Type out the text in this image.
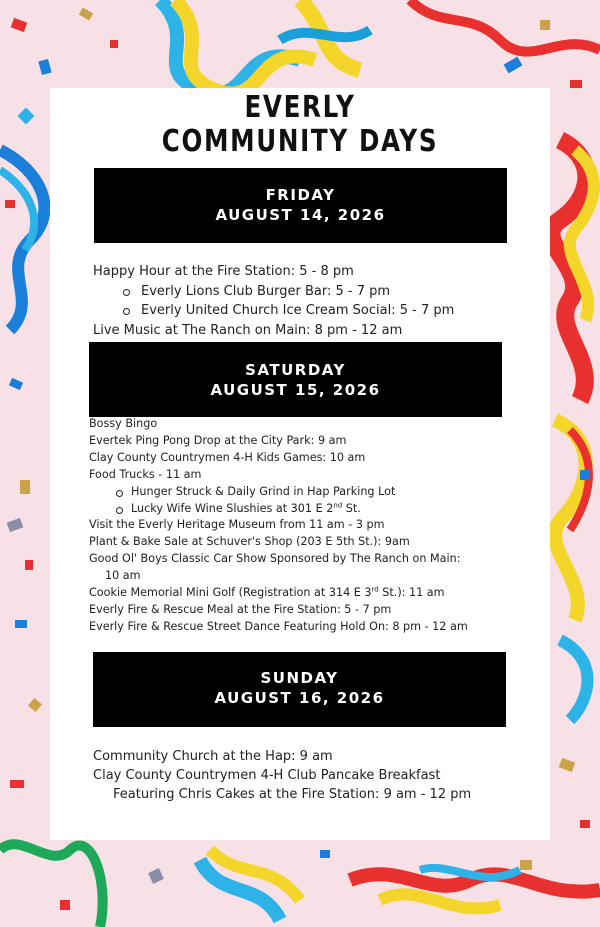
EVERLY
COMMUNITY DAYS
FRIDAY
AUGUST 14, 2026
Happy Hour at the Fire Station: 5 - 8 pm
Everly Lions Club Burger Bar: 5 - 7 pm
Everly United Church Ice Cream Social: 5 - 7 pm
Live Music at The Ranch on Main: 8 pm - 12 am
SATURDAY
AUGUST 15, 2026
Bossy Bingo
Evertek Ping Pong Drop at the City Park: 9 am
Clay County Countrymen 4-H Kids Games: 10 am
Food Trucks - 11 am
Hunger Struck & Daily Grind in Hap Parking Lot
Lucky Wife Wine Slushies at 301 E 2nd St.
Visit the Everly Heritage Museum from 11 am - 3 pm
Plant & Bake Sale at Schuver's Shop (203 E 5th St.): 9am
Good Ol' Boys Classic Car Show Sponsored by The Ranch on Main:
10 am
Cookie Memorial Mini Golf (Registration at 314 E 3rd St.): 11 am
Everly Fire & Rescue Meal at the Fire Station: 5 - 7 pm
Everly Fire & Rescue Street Dance Featuring Hold On: 8 pm - 12 am
SUNDAY
AUGUST 16, 2026
Community Church at the Hap: 9 am
Clay County Countrymen 4-H Club Pancake Breakfast
Featuring Chris Cakes at the Fire Station: 9 am - 12 pm
